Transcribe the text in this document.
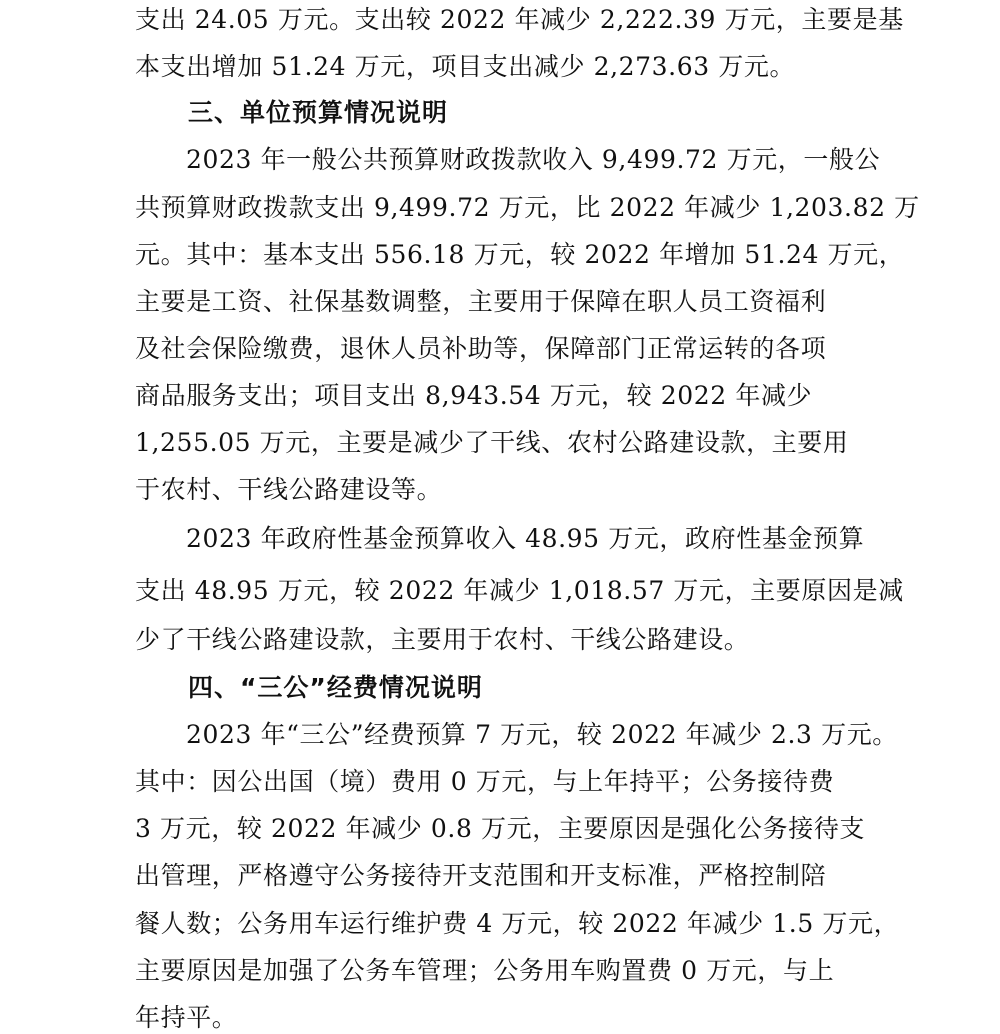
支出 24.05 万元。支出较 2022 年减少 2,222.39 万元，主要是基
本支出增加 51.24 万元，项目支出减少 2,273.63 万元。
三、单位预算情况说明
2023 年一般公共预算财政拨款收入 9,499.72 万元，一般公
共预算财政拨款支出 9,499.72 万元，比 2022 年减少 1,203.82 万
元。其中：基本支出 556.18 万元，较 2022 年增加 51.24 万元，
主要是工资、社保基数调整，主要用于保障在职人员工资福利
及社会保险缴费，退休人员补助等，保障部门正常运转的各项
商品服务支出；项目支出 8,943.54 万元，较 2022 年减少
1,255.05 万元，主要是减少了干线、农村公路建设款，主要用
于农村、干线公路建设等。
2023 年政府性基金预算收入 48.95 万元，政府性基金预算
支出 48.95 万元，较 2022 年减少 1,018.57 万元，主要原因是减
少了干线公路建设款，主要用于农村、干线公路建设。
四、“三公”经费情况说明
2023 年“三公”经费预算 7 万元，较 2022 年减少 2.3 万元。
其中：因公出国（境）费用 0 万元，与上年持平；公务接待费
3 万元，较 2022 年减少 0.8 万元，主要原因是强化公务接待支
出管理，严格遵守公务接待开支范围和开支标准，严格控制陪
餐人数；公务用车运行维护费 4 万元，较 2022 年减少 1.5 万元，
主要原因是加强了公务车管理；公务用车购置费 0 万元，与上
年持平。
